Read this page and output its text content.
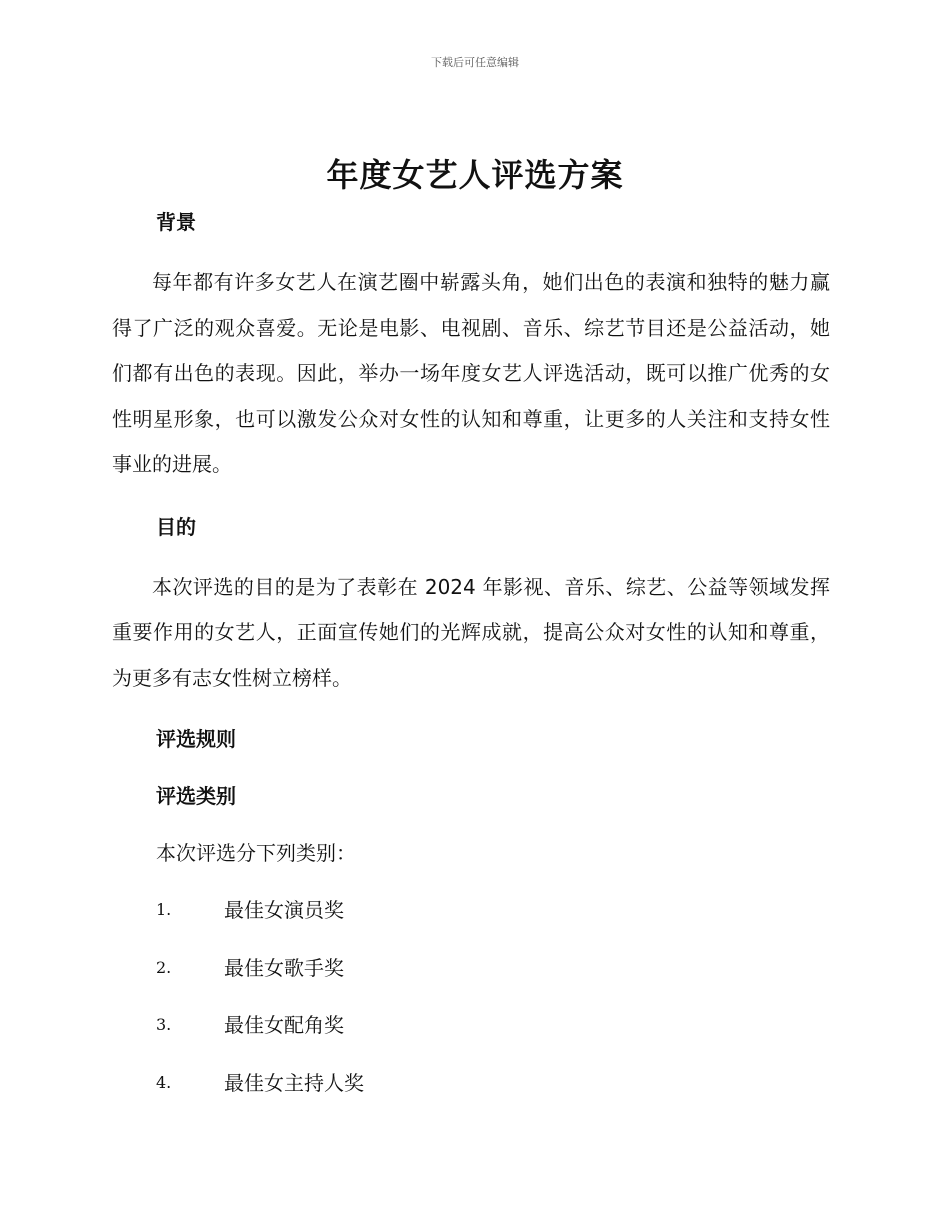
下载后可任意编辑
年度女艺人评选方案
背景

每年都有许多女艺人在演艺圈中崭露头角，她们出色的表演和独特的魅力赢得了广泛的观众喜爱。无论是电影、电视剧、音乐、综艺节目还是公益活动，她们都有出色的表现。因此，举办一场年度女艺人评选活动，既可以推广优秀的女性明星形象，也可以激发公众对女性的认知和尊重，让更多的人关注和支持女性事业的进展。

目的

本次评选的目的是为了表彰在 2024 年影视、音乐、综艺、公益等领域发挥重要作用的女艺人，正面宣传她们的光辉成就，提高公众对女性的认知和尊重，为更多有志女性树立榜样。

评选规则
评选类别
本次评选分下列类别：
1.	最佳女演员奖
2.	最佳女歌手奖
3.	最佳女配角奖
4.	最佳女主持人奖
